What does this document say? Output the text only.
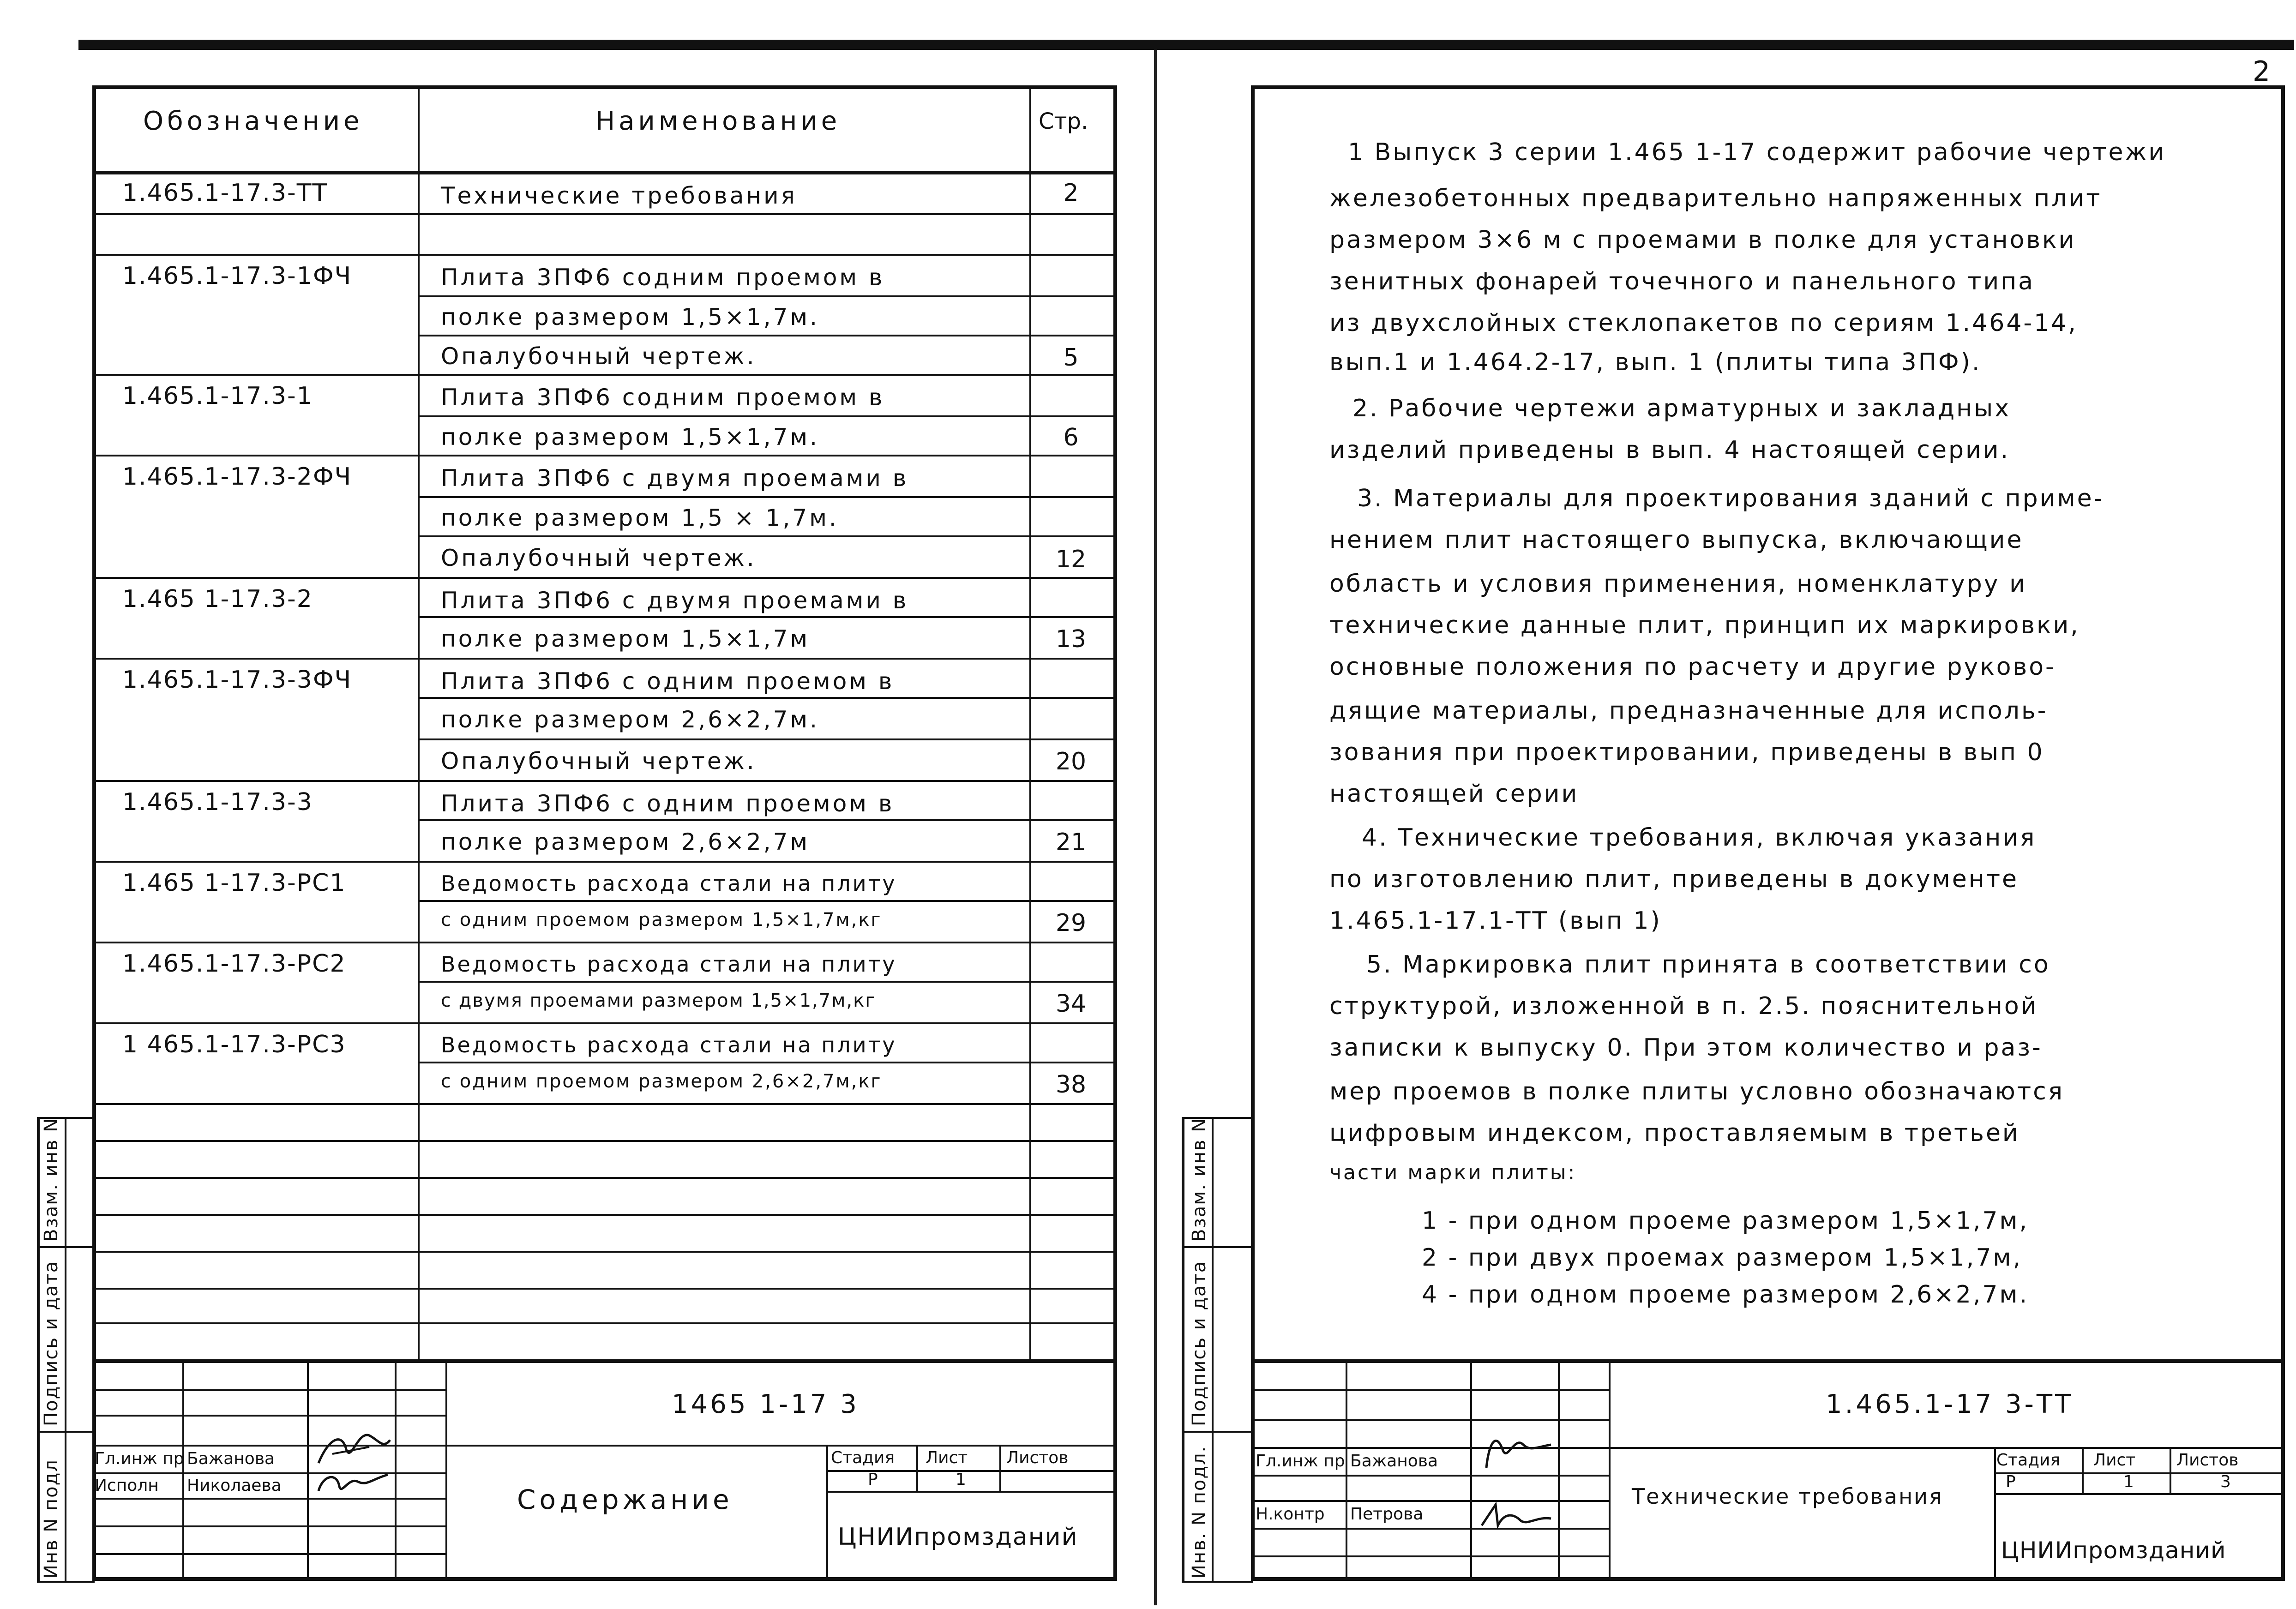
2
Инв N подл
Подпись и дата
Взам. инв N
Обозначение	Наименование	Стр.
1.465.1-17.3-ТТ	Технические требования	2
1.465.1-17.3-1ФЧ	Плита 3ПФ6 содним проемом в
полке размером 1,5×1,7м.
Опалубочный чертеж.	5
1.465.1-17.3-1	Плита 3ПФ6 содним проемом в
полке размером 1,5×1,7м.	6
1.465.1-17.3-2ФЧ	Плита 3ПФ6 с двумя проемами в
полке размером 1,5 × 1,7м.
Опалубочный чертеж.	12
1.465 1-17.3-2	Плита 3ПФ6 с двумя проемами в
полке размером 1,5×1,7м	13
1.465.1-17.3-3ФЧ	Плита 3ПФ6 с одним проемом в
полке размером 2,6×2,7м.
Опалубочный чертеж.	20
1.465.1-17.3-3	Плита 3ПФ6 с одним проемом в
полке размером 2,6×2,7м	21
1.465 1-17.3-РС1	Ведомость расхода стали на плиту
с одним проемом размером 1,5×1,7м,кг	29
1.465.1-17.3-РС2	Ведомость расхода стали на плиту
с двумя проемами размером 1,5×1,7м,кг	34
1 465.1-17.3-РС3	Ведомость расхода стали на плиту
с одним проемом размером 2,6×2,7м,кг	38
1465 1-17 3
Содержание
Гл.инж пр
Исполн
Бажанова
Николаева
Стадия Лист Листов
Р	1
ЦНИИпромзданий	Инв. N подл.
Подпись и дата
Взам. инв N
1 Выпуск 3 серии 1.465 1-17 содержит рабочие чертежи
железобетонных предварительно напряженных плит
размером 3×6 м с проемами в полке для установки
зенитных фонарей точечного и панельного типа
из двухслойных стеклопакетов по сериям 1.464-14,
вып.1 и 1.464.2-17, вып. 1 (плиты типа 3ПФ).
2. Рабочие чертежи арматурных и закладных
изделий приведены в вып. 4 настоящей серии.
3. Материалы для проектирования зданий с приме-
нением плит настоящего выпуска, включающие
область и условия применения, номенклатуру и
технические данные плит, принцип их маркировки,
основные положения по расчету и другие руково-
дящие материалы, предназначенные для исполь-
зования при проектировании, приведены в вып 0
настоящей серии
4. Технические требования, включая указания
по изготовлению плит, приведены в документе
1.465.1-17.1-ТТ (вып 1)
5. Маркировка плит принята в соответствии со
структурой, изложенной в п. 2.5. пояснительной
записки к выпуску 0. При этом количество и раз-
мер проемов в полке плиты условно обозначаются
цифровым индексом, проставляемым в третьей
части марки плиты:
1 - при одном проеме размером 1,5×1,7м,
2 - при двух проемах размером 1,5×1,7м,
4 - при одном проеме размером 2,6×2,7м.
1.465.1-17 3-ТТ
Технические требования
Гл.инж пр
Н.контр
Бажанова
Петрова
Стадия Лист Листов
Р	1	3
ЦНИИпромзданий
